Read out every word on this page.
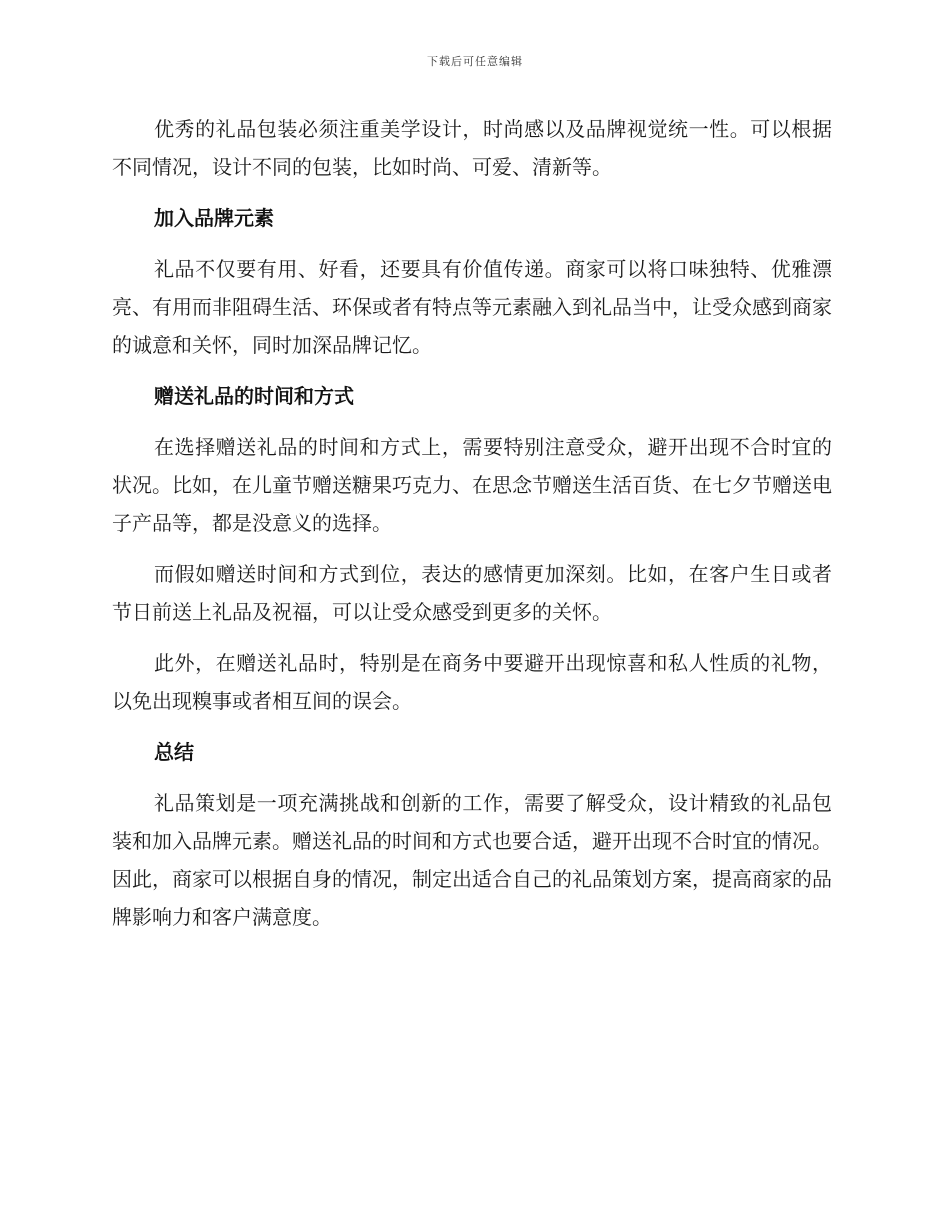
下载后可任意编辑

优秀的礼品包装必须注重美学设计，时尚感以及品牌视觉统一性。可以根据不同情况，设计不同的包装，比如时尚、可爱、清新等。

加入品牌元素

礼品不仅要有用、好看，还要具有价值传递。商家可以将口味独特、优雅漂亮、有用而非阻碍生活、环保或者有特点等元素融入到礼品当中，让受众感到商家的诚意和关怀，同时加深品牌记忆。

赠送礼品的时间和方式

在选择赠送礼品的时间和方式上，需要特别注意受众，避开出现不合时宜的状况。比如，在儿童节赠送糖果巧克力、在思念节赠送生活百货、在七夕节赠送电子产品等，都是没意义的选择。

而假如赠送时间和方式到位，表达的感情更加深刻。比如，在客户生日或者节日前送上礼品及祝福，可以让受众感受到更多的关怀。

此外，在赠送礼品时，特别是在商务中要避开出现惊喜和私人性质的礼物，以免出现糗事或者相互间的误会。

总结

礼品策划是一项充满挑战和创新的工作，需要了解受众，设计精致的礼品包装和加入品牌元素。赠送礼品的时间和方式也要合适，避开出现不合时宜的情况。因此，商家可以根据自身的情况，制定出适合自己的礼品策划方案，提高商家的品牌影响力和客户满意度。
